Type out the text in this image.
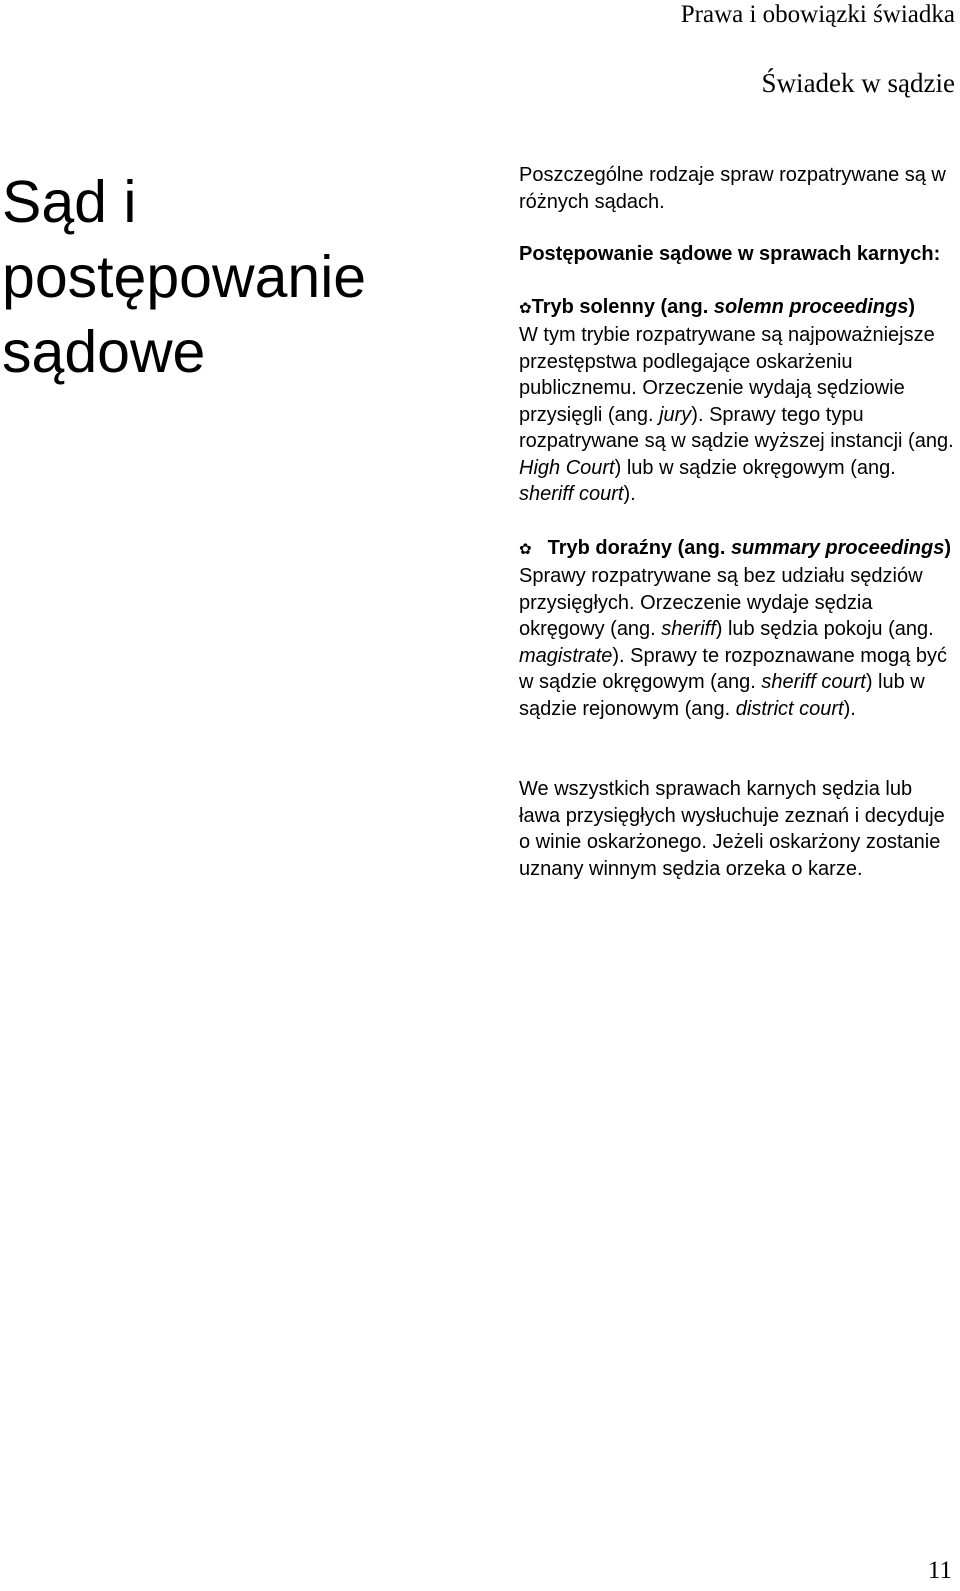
Prawa i obowiązki świadka
Świadek w sądzie
Sąd i
postępowanie
sądowe

Poszczególne rodzaje spraw rozpatrywane są w różnych sądach.

Postępowanie sądowe w sprawach karnych:

✿Tryb solenny (ang. solemn proceedings)

W tym trybie rozpatrywane są najpoważniejsze przestępstwa podlegające oskarżeniu publicznemu. Orzeczenie wydają sędziowie przysięgli (ang. jury). Sprawy tego typu rozpatrywane są w sądzie wyższej instancji (ang. High Court) lub w sądzie okręgowym (ang. sheriff court).

✿ Tryb doraźny (ang. summary proceedings)

Sprawy rozpatrywane są bez udziału sędziów przysięgłych. Orzeczenie wydaje sędzia okręgowy (ang. sheriff) lub sędzia pokoju (ang. magistrate). Sprawy te rozpoznawane mogą być w sądzie okręgowym (ang. sheriff court) lub w sądzie rejonowym (ang. district court).

We wszystkich sprawach karnych sędzia lub ława przysięgłych wysłuchuje zeznań i decyduje o winie oskarżonego. Jeżeli oskarżony zostanie uznany winnym sędzia orzeka o karze.

11
